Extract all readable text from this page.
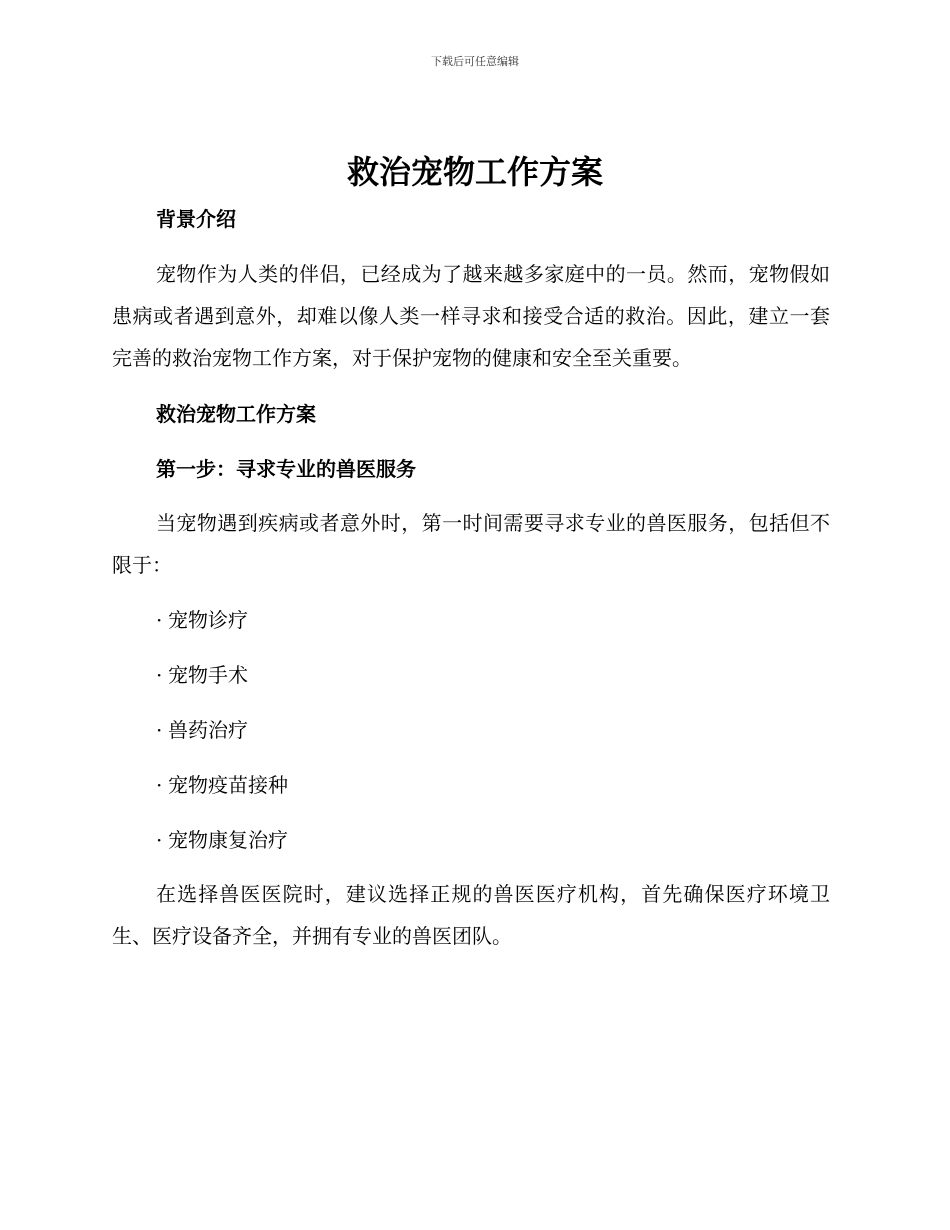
下载后可任意编辑
救治宠物工作方案
背景介绍

宠物作为人类的伴侣，已经成为了越来越多家庭中的一员。然而，宠物假如患病或者遇到意外，却难以像人类一样寻求和接受合适的救治。因此，建立一套完善的救治宠物工作方案，对于保护宠物的健康和安全至关重要。

救治宠物工作方案
第一步：寻求专业的兽医服务

当宠物遇到疾病或者意外时，第一时间需要寻求专业的兽医服务，包括但不限于：

· 宠物诊疗
· 宠物手术
· 兽药治疗
· 宠物疫苗接种
· 宠物康复治疗

在选择兽医医院时，建议选择正规的兽医医疗机构，首先确保医疗环境卫生、医疗设备齐全，并拥有专业的兽医团队。
